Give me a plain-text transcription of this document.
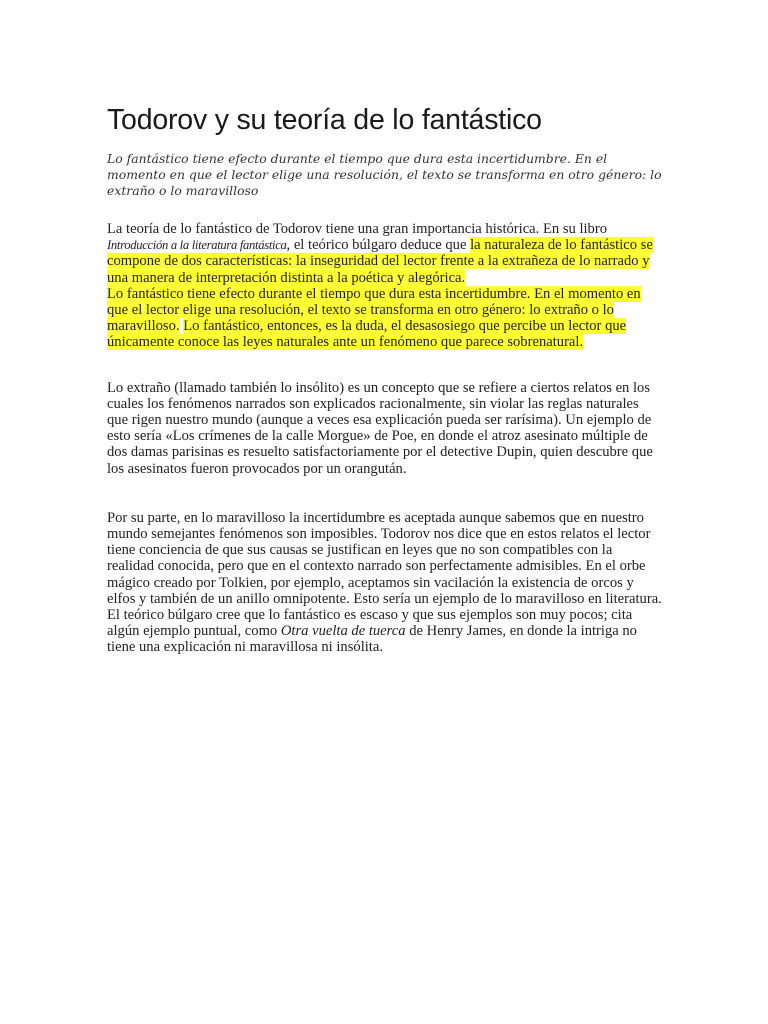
Todorov y su teoría de lo fantástico

Lo fantástico tiene efecto durante el tiempo que dura esta incertidumbre. En el momento en que el lector elige una resolución, el texto se transforma en otro género: lo extraño o lo maravilloso

La teoría de lo fantástico de Todorov tiene una gran importancia histórica. En su libro Introducción a la literatura fantástica, el teórico búlgaro deduce que la naturaleza de lo fantástico se compone de dos características: la inseguridad del lector frente a la extrañeza de lo narrado y una manera de interpretación distinta a la poética y alegórica.
Lo fantástico tiene efecto durante el tiempo que dura esta incertidumbre. En el momento en que el lector elige una resolución, el texto se transforma en otro género: lo extraño o lo maravilloso. Lo fantástico, entonces, es la duda, el desasosiego que percibe un lector que únicamente conoce las leyes naturales ante un fenómeno que parece sobrenatural.

Lo extraño (llamado también lo insólito) es un concepto que se refiere a ciertos relatos en los cuales los fenómenos narrados son explicados racionalmente, sin violar las reglas naturales que rigen nuestro mundo (aunque a veces esa explicación pueda ser rarísima). Un ejemplo de esto sería «Los crímenes de la calle Morgue» de Poe, en donde el atroz asesinato múltiple de dos damas parisinas es resuelto satisfactoriamente por el detective Dupin, quien descubre que los asesinatos fueron provocados por un orangután.

Por su parte, en lo maravilloso la incertidumbre es aceptada aunque sabemos que en nuestro mundo semejantes fenómenos son imposibles. Todorov nos dice que en estos relatos el lector tiene conciencia de que sus causas se justifican en leyes que no son compatibles con la realidad conocida, pero que en el contexto narrado son perfectamente admisibles. En el orbe mágico creado por Tolkien, por ejemplo, aceptamos sin vacilación la existencia de orcos y elfos y también de un anillo omnipotente. Esto sería un ejemplo de lo maravilloso en literatura. El teórico búlgaro cree que lo fantástico es escaso y que sus ejemplos son muy pocos; cita algún ejemplo puntual, como Otra vuelta de tuerca de Henry James, en donde la intriga no tiene una explicación ni maravillosa ni insólita.
